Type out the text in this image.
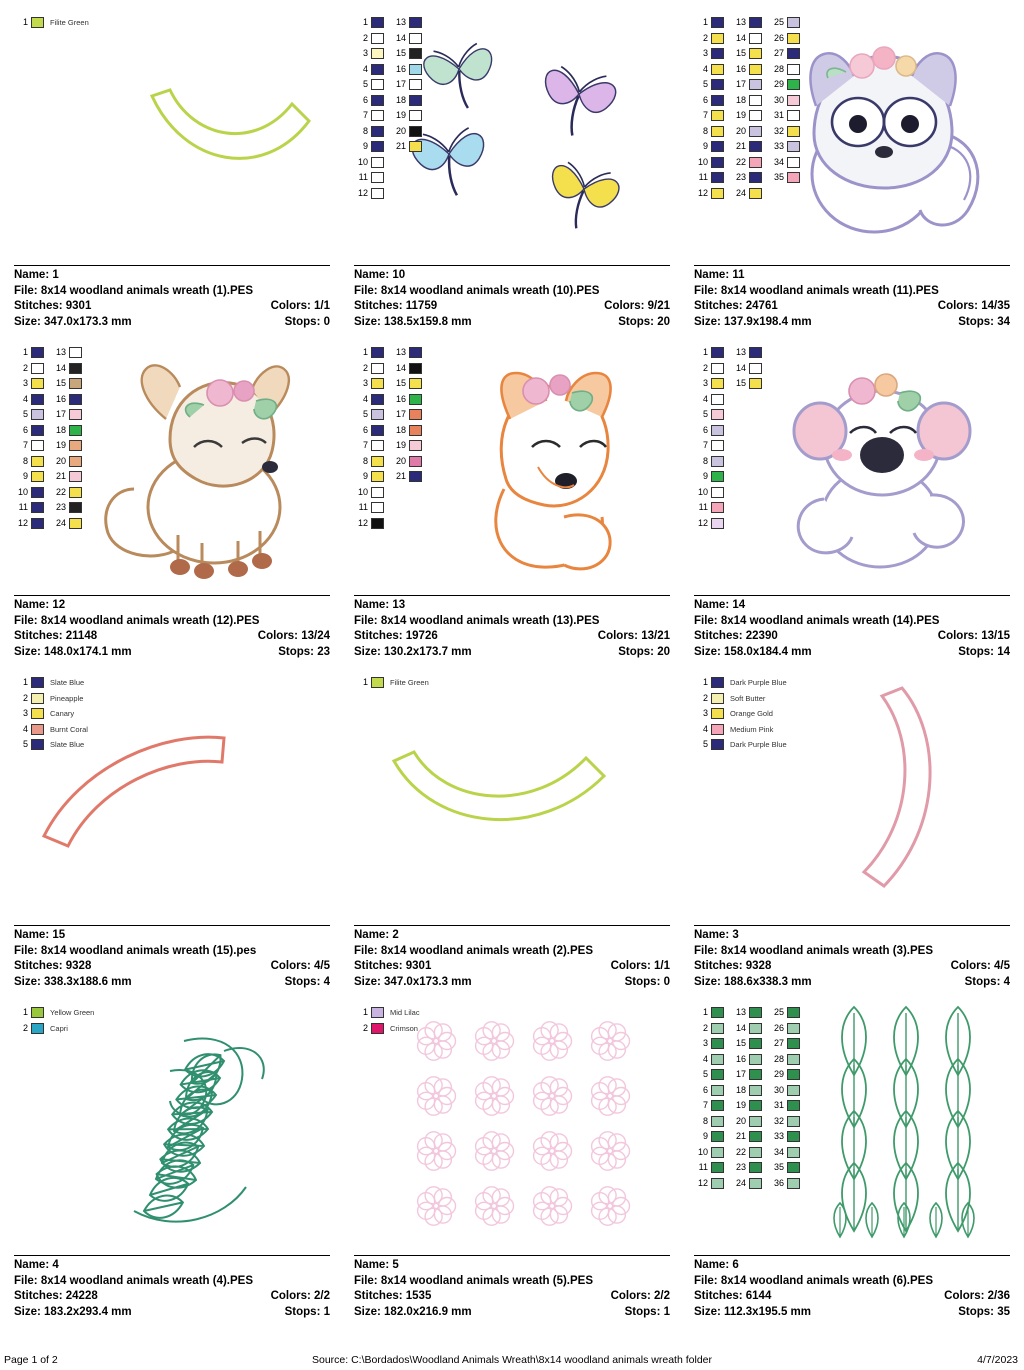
1	Filite Green
Name: 1
File: 8x14 woodland animals wreath (1).PES
Stitches: 9301	Colors: 1/1
Size: 347.0x173.3 mm	Stops: 0
1
2
3
4
5
6
7
8
9
10
11
12
13
14
15
16
17
18
19
20
21
Name: 10
File: 8x14 woodland animals wreath (10).PES
Stitches: 11759	Colors: 9/21
Size: 138.5x159.8 mm	Stops: 20
1
2
3
4
5
6
7
8
9
10
11
12
13
14
15
16
17
18
19
20
21
22
23
24
25
26
27
28
29
30
31
32
33
34
35
Name: 11
File: 8x14 woodland animals wreath (11).PES
Stitches: 24761	Colors: 14/35
Size: 137.9x198.4 mm	Stops: 34
1
2
3
4
5
6
7
8
9
10
11
12
13
14
15
16
17
18
19
20
21
22
23
24
Name: 12
File: 8x14 woodland animals wreath (12).PES
Stitches: 21148	Colors: 13/24
Size: 148.0x174.1 mm	Stops: 23
1
2
3
4
5
6
7
8
9
10
11
12
13
14
15
16
17
18
19
20
21
Name: 13
File: 8x14 woodland animals wreath (13).PES
Stitches: 19726	Colors: 13/21
Size: 130.2x173.7 mm	Stops: 20
1
2
3
4
5
6
7
8
9
10
11
12
13
14
15
Name: 14
File: 8x14 woodland animals wreath (14).PES
Stitches: 22390	Colors: 13/15
Size: 158.0x184.4 mm	Stops: 14
1	Slate Blue
2	Pineapple
3	Canary
4	Burnt Coral
5	Slate Blue
Name: 15
File: 8x14 woodland animals wreath (15).pes
Stitches: 9328	Colors: 4/5
Size: 338.3x188.6 mm	Stops: 4
1	Filite Green
Name: 2
File: 8x14 woodland animals wreath (2).PES
Stitches: 9301	Colors: 1/1
Size: 347.0x173.3 mm	Stops: 0
1	Dark Purple Blue
2	Soft Butter
3	Orange Gold
4	Medium Pink
5	Dark Purple Blue
Name: 3
File: 8x14 woodland animals wreath (3).PES
Stitches: 9328	Colors: 4/5
Size: 188.6x338.3 mm	Stops: 4
1	Yellow Green
2	Capri
Name: 4
File: 8x14 woodland animals wreath (4).PES
Stitches: 24228	Colors: 2/2
Size: 183.2x293.4 mm	Stops: 1
1	Mid Lilac
2	Crimson
Name: 5
File: 8x14 woodland animals wreath (5).PES
Stitches: 1535	Colors: 2/2
Size: 182.0x216.9 mm	Stops: 1
1
2
3
4
5
6
7
8
9
10
11
12
13
14
15
16
17
18
19
20
21
22
23
24
25
26
27
28
29
30
31
32
33
34
35
36
Name: 6
File: 8x14 woodland animals wreath (6).PES
Stitches: 6144	Colors: 2/36
Size: 112.3x195.5 mm	Stops: 35
Page 1 of 2	Source: C:\Bordados\Woodland Animals Wreath\8x14 woodland animals wreath folder	4/7/2023
